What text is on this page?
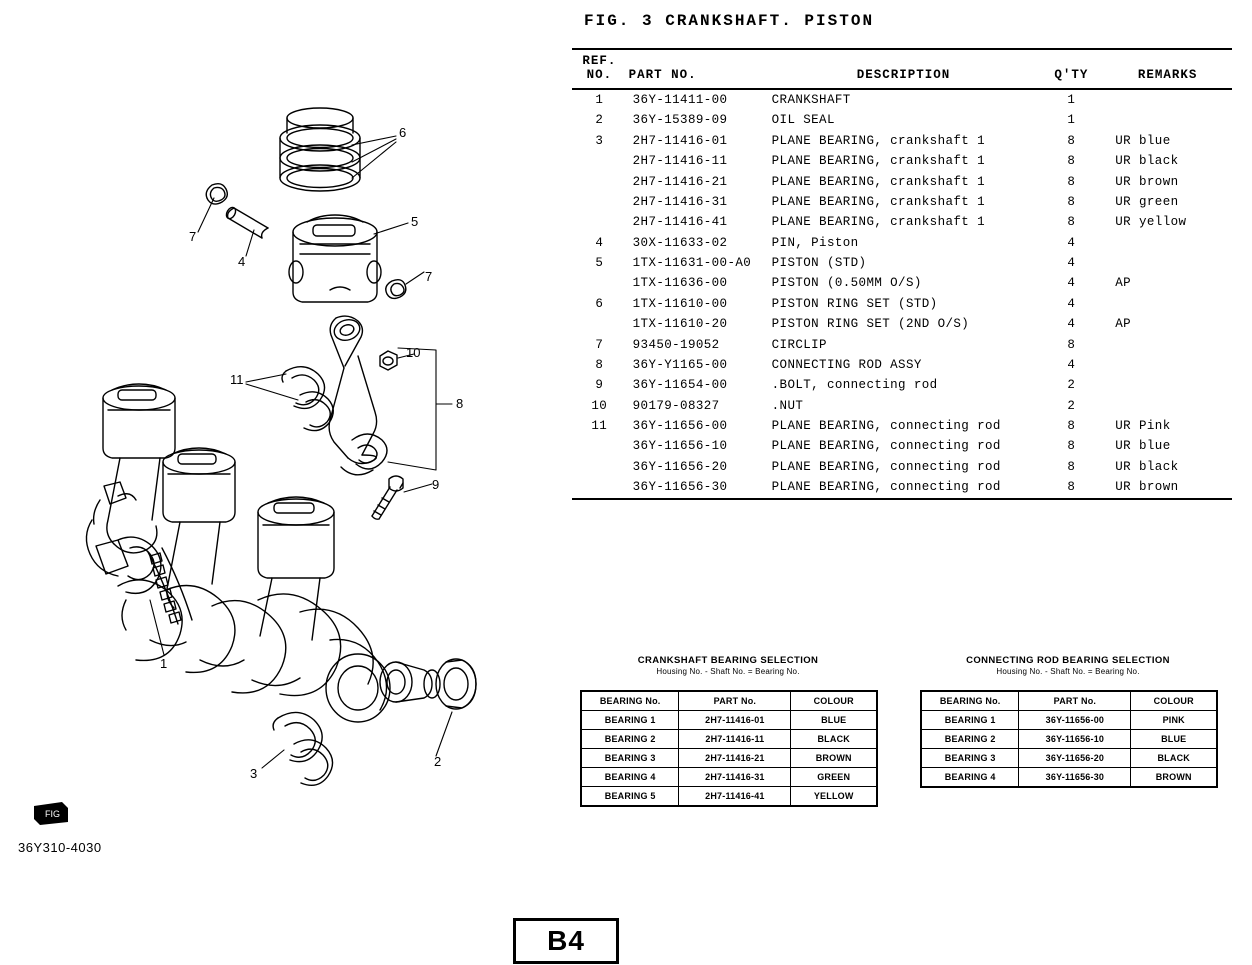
1
2
3
4
5
6
7
7
8
9
10
11
FIG
36Y310-4030
FIG. 3 CRANKSHAFT. PISTON
REF.
NO.	PART NO.	DESCRIPTION	Q'TY	REMARKS
1	36Y-11411-00	CRANKSHAFT	1	
2	36Y-15389-09	OIL SEAL	1	
3	2H7-11416-01	PLANE BEARING, crankshaft 1	8	UR blue
	2H7-11416-11	PLANE BEARING, crankshaft 1	8	UR black
	2H7-11416-21	PLANE BEARING, crankshaft 1	8	UR brown
	2H7-11416-31	PLANE BEARING, crankshaft 1	8	UR green
	2H7-11416-41	PLANE BEARING, crankshaft 1	8	UR yellow
4	30X-11633-02	PIN, Piston	4	
5	1TX-11631-00-A0	PISTON (STD)	4	
	1TX-11636-00	PISTON (0.50MM O/S)	4	AP
6	1TX-11610-00	PISTON RING SET (STD)	4	
	1TX-11610-20	PISTON RING SET (2ND O/S)	4	AP
7	93450-19052	CIRCLIP	8	
8	36Y-Y1165-00	CONNECTING ROD ASSY	4	
9	36Y-11654-00	.BOLT, connecting rod	2	
10	90179-08327	.NUT	2	
11	36Y-11656-00	PLANE BEARING, connecting rod	8	UR Pink
	36Y-11656-10	PLANE BEARING, connecting rod	8	UR blue
	36Y-11656-20	PLANE BEARING, connecting rod	8	UR black
	36Y-11656-30	PLANE BEARING, connecting rod	8	UR brown
CRANKSHAFT BEARING SELECTION
Housing No. - Shaft No. = Bearing No.
BEARING No.	PART No.	COLOUR
BEARING 1	2H7-11416-01	BLUE
BEARING 2	2H7-11416-11	BLACK
BEARING 3	2H7-11416-21	BROWN
BEARING 4	2H7-11416-31	GREEN
BEARING 5	2H7-11416-41	YELLOW
CONNECTING ROD BEARING SELECTION
Housing No. - Shaft No. = Bearing No.
BEARING No.	PART No.	COLOUR
BEARING 1	36Y-11656-00	PINK
BEARING 2	36Y-11656-10	BLUE
BEARING 3	36Y-11656-20	BLACK
BEARING 4	36Y-11656-30	BROWN
B4
